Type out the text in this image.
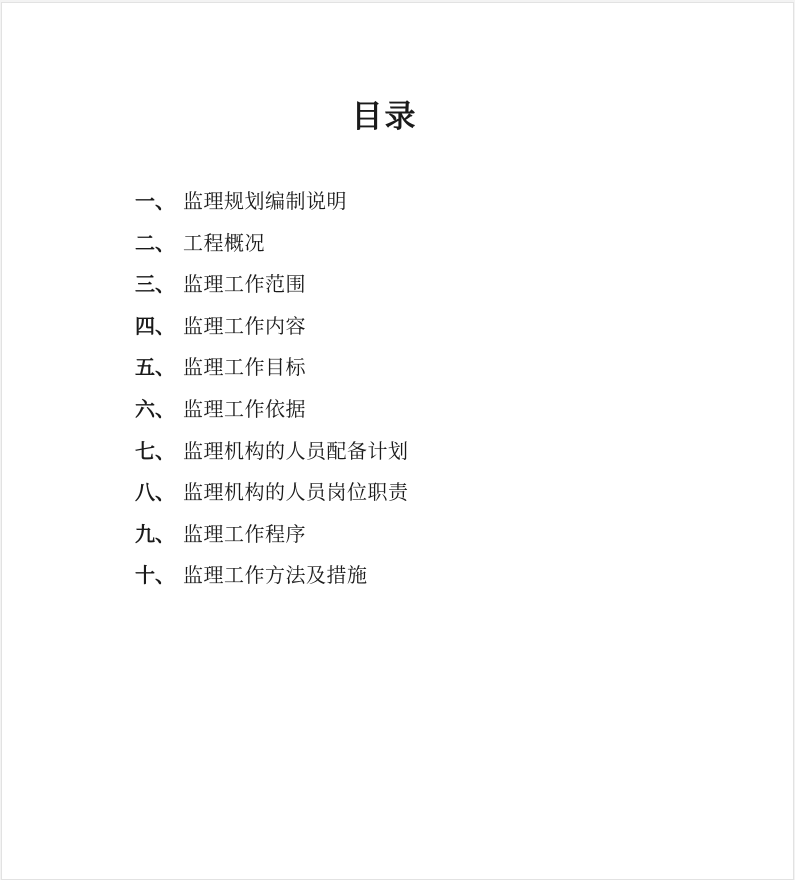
目录
一、 监理规划编制说明
二、 工程概况
三、 监理工作范围
四、 监理工作内容
五、 监理工作目标
六、 监理工作依据
七、 监理机构的人员配备计划
八、 监理机构的人员岗位职责
九、 监理工作程序
十、 监理工作方法及措施
